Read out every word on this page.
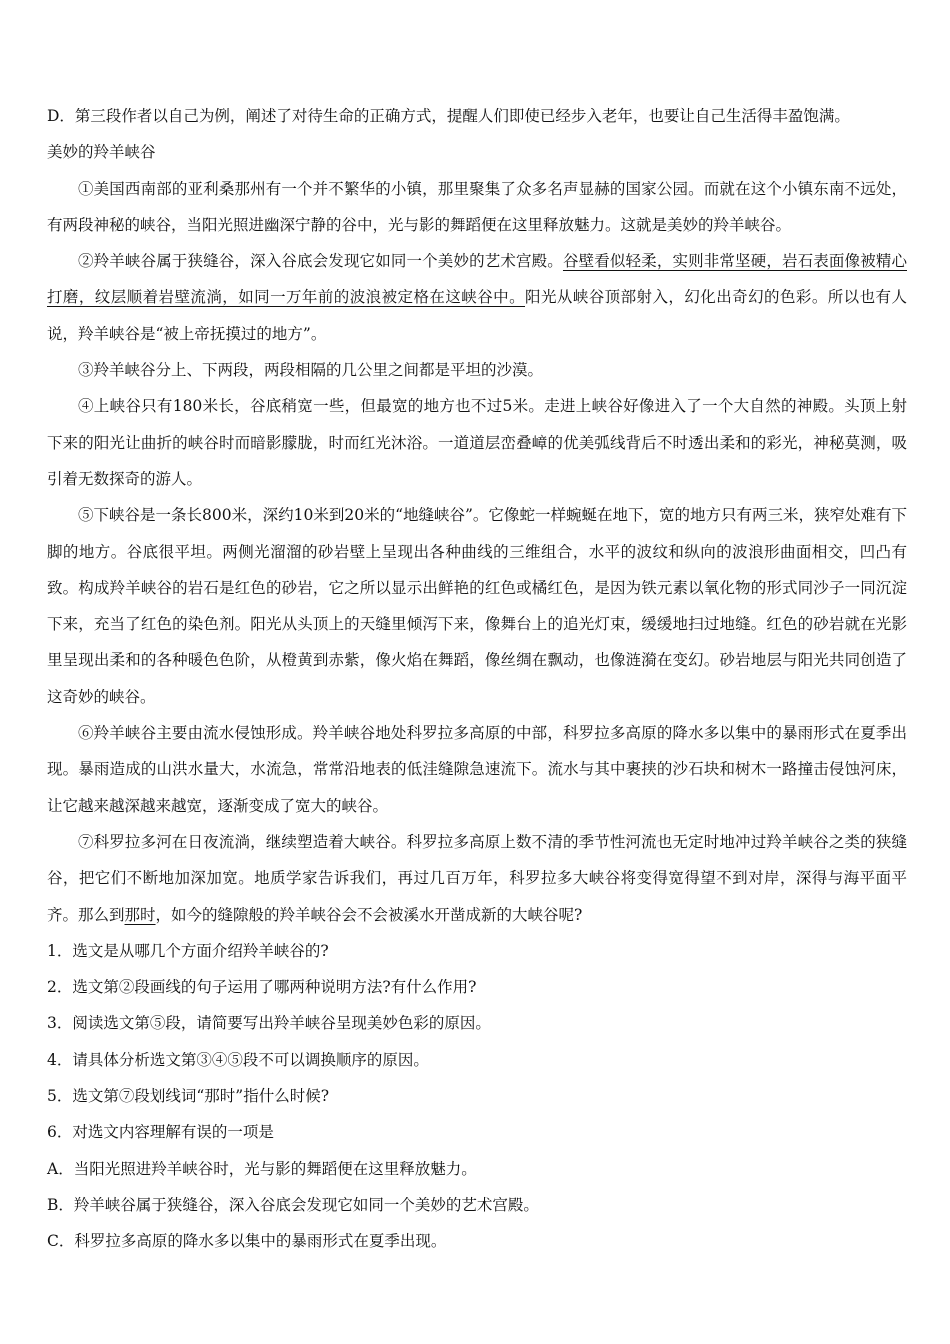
D．第三段作者以自己为例，阐述了对待生命的正确方式，提醒人们即使已经步入老年，也要让自己生活得丰盈饱满。

美妙的羚羊峡谷

①美国西南部的亚利桑那州有一个并不繁华的小镇，那里聚集了众多名声显赫的国家公园。而就在这个小镇东南不远处，有两段神秘的峡谷，当阳光照进幽深宁静的谷中，光与影的舞蹈便在这里释放魅力。这就是美妙的羚羊峡谷。

②羚羊峡谷属于狭缝谷，深入谷底会发现它如同一个美妙的艺术宫殿。谷壁看似轻柔，实则非常坚硬，岩石表面像被精心打磨，纹层顺着岩壁流淌，如同一万年前的波浪被定格在这峡谷中。阳光从峡谷顶部射入，幻化出奇幻的色彩。所以也有人说，羚羊峡谷是“被上帝抚摸过的地方”。

③羚羊峡谷分上、下两段，两段相隔的几公里之间都是平坦的沙漠。

④上峡谷只有180米长，谷底稍宽一些，但最宽的地方也不过5米。走进上峡谷好像进入了一个大自然的神殿。头顶上射下来的阳光让曲折的峡谷时而暗影朦胧，时而红光沐浴。一道道层峦叠嶂的优美弧线背后不时透出柔和的彩光，神秘莫测，吸引着无数探奇的游人。

⑤下峡谷是一条长800米，深约10米到20米的“地缝峡谷”。它像蛇一样蜿蜒在地下，宽的地方只有两三米，狭窄处难有下脚的地方。谷底很平坦。两侧光溜溜的砂岩壁上呈现出各种曲线的三维组合，水平的波纹和纵向的波浪形曲面相交，凹凸有致。构成羚羊峡谷的岩石是红色的砂岩，它之所以显示出鲜艳的红色或橘红色，是因为铁元素以氧化物的形式同沙子一同沉淀下来，充当了红色的染色剂。阳光从头顶上的天缝里倾泻下来，像舞台上的追光灯束，缓缓地扫过地缝。红色的砂岩就在光影里呈现出柔和的各种暖色色阶，从橙黄到赤紫，像火焰在舞蹈，像丝绸在飘动，也像涟漪在变幻。砂岩地层与阳光共同创造了这奇妙的峡谷。

⑥羚羊峡谷主要由流水侵蚀形成。羚羊峡谷地处科罗拉多高原的中部，科罗拉多高原的降水多以集中的暴雨形式在夏季出现。暴雨造成的山洪水量大，水流急，常常沿地表的低洼缝隙急速流下。流水与其中裹挟的沙石块和树木一路撞击侵蚀河床，让它越来越深越来越宽，逐渐变成了宽大的峡谷。

⑦科罗拉多河在日夜流淌，继续塑造着大峡谷。科罗拉多高原上数不清的季节性河流也无定时地冲过羚羊峡谷之类的狭缝谷，把它们不断地加深加宽。地质学家告诉我们，再过几百万年，科罗拉多大峡谷将变得宽得望不到对岸，深得与海平面平齐。那么到那时，如今的缝隙般的羚羊峡谷会不会被溪水开凿成新的大峡谷呢?

1．选文是从哪几个方面介绍羚羊峡谷的?

2．选文第②段画线的句子运用了哪两种说明方法?有什么作用?

3．阅读选文第⑤段，请简要写出羚羊峡谷呈现美妙色彩的原因。

4．请具体分析选文第③④⑤段不可以调换顺序的原因。

5．选文第⑦段划线词“那时”指什么时候?

6．对选文内容理解有误的一项是

A．当阳光照进羚羊峡谷时，光与影的舞蹈便在这里释放魅力。

B．羚羊峡谷属于狭缝谷，深入谷底会发现它如同一个美妙的艺术宫殿。

C．科罗拉多高原的降水多以集中的暴雨形式在夏季出现。
